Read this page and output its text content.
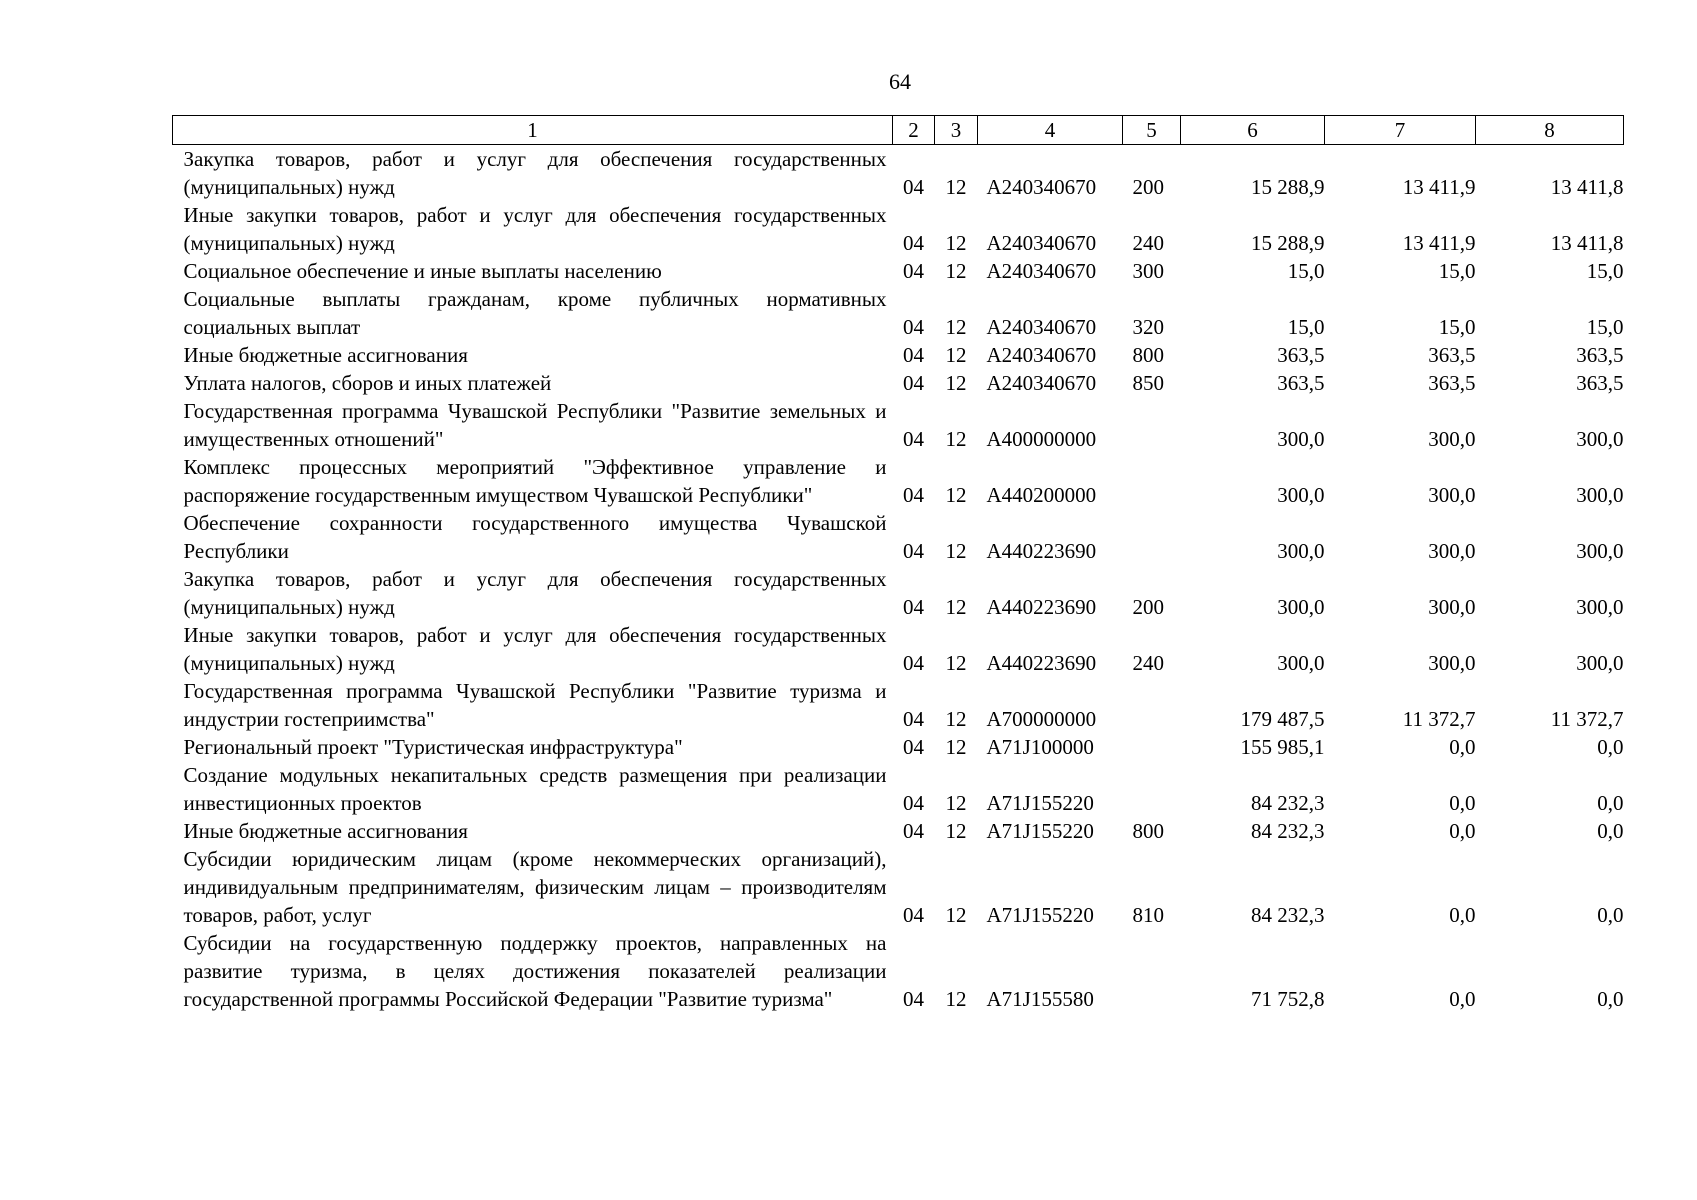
64
1	2	3	4	5	6	7	8
Закупка товаров, работ и услуг для обеспечения государственных (муниципальных) нужд	04	12	А240340670	200	15 288,9	13 411,9	13 411,8
Иные закупки товаров, работ и услуг для обеспечения государственных (муниципальных) нужд	04	12	А240340670	240	15 288,9	13 411,9	13 411,8
Социальное обеспечение и иные выплаты населению	04	12	А240340670	300	15,0	15,0	15,0
Социальные выплаты гражданам, кроме публичных нормативных социальных выплат	04	12	А240340670	320	15,0	15,0	15,0
Иные бюджетные ассигнования	04	12	А240340670	800	363,5	363,5	363,5
Уплата налогов, сборов и иных платежей	04	12	А240340670	850	363,5	363,5	363,5
Государственная программа Чувашской Республики "Развитие земельных и имущественных отношений"	04	12	А400000000		300,0	300,0	300,0
Комплекс процессных мероприятий "Эффективное управление и распоряжение государственным имуществом Чувашской Республики"	04	12	А440200000		300,0	300,0	300,0
Обеспечение сохранности государственного имущества Чувашской Республики	04	12	А440223690		300,0	300,0	300,0
Закупка товаров, работ и услуг для обеспечения государственных (муниципальных) нужд	04	12	А440223690	200	300,0	300,0	300,0
Иные закупки товаров, работ и услуг для обеспечения государственных (муниципальных) нужд	04	12	А440223690	240	300,0	300,0	300,0
Государственная программа Чувашской Республики "Развитие туризма и индустрии гостеприимства"	04	12	А700000000		179 487,5	11 372,7	11 372,7
Региональный проект "Туристическая инфраструктура"	04	12	А71J100000		155 985,1	0,0	0,0
Создание модульных некапитальных средств размещения при реализации инвестиционных проектов	04	12	А71J155220		84 232,3	0,0	0,0
Иные бюджетные ассигнования	04	12	А71J155220	800	84 232,3	0,0	0,0
Субсидии юридическим лицам (кроме некоммерческих организаций), индивидуальным предпринимателям, физическим лицам – производителям товаров, работ, услуг	04	12	А71J155220	810	84 232,3	0,0	0,0
Субсидии на государственную поддержку проектов, направленных на развитие туризма, в целях достижения показателей реализации государственной программы Российской Федерации "Развитие туризма"	04	12	А71J155580		71 752,8	0,0	0,0
